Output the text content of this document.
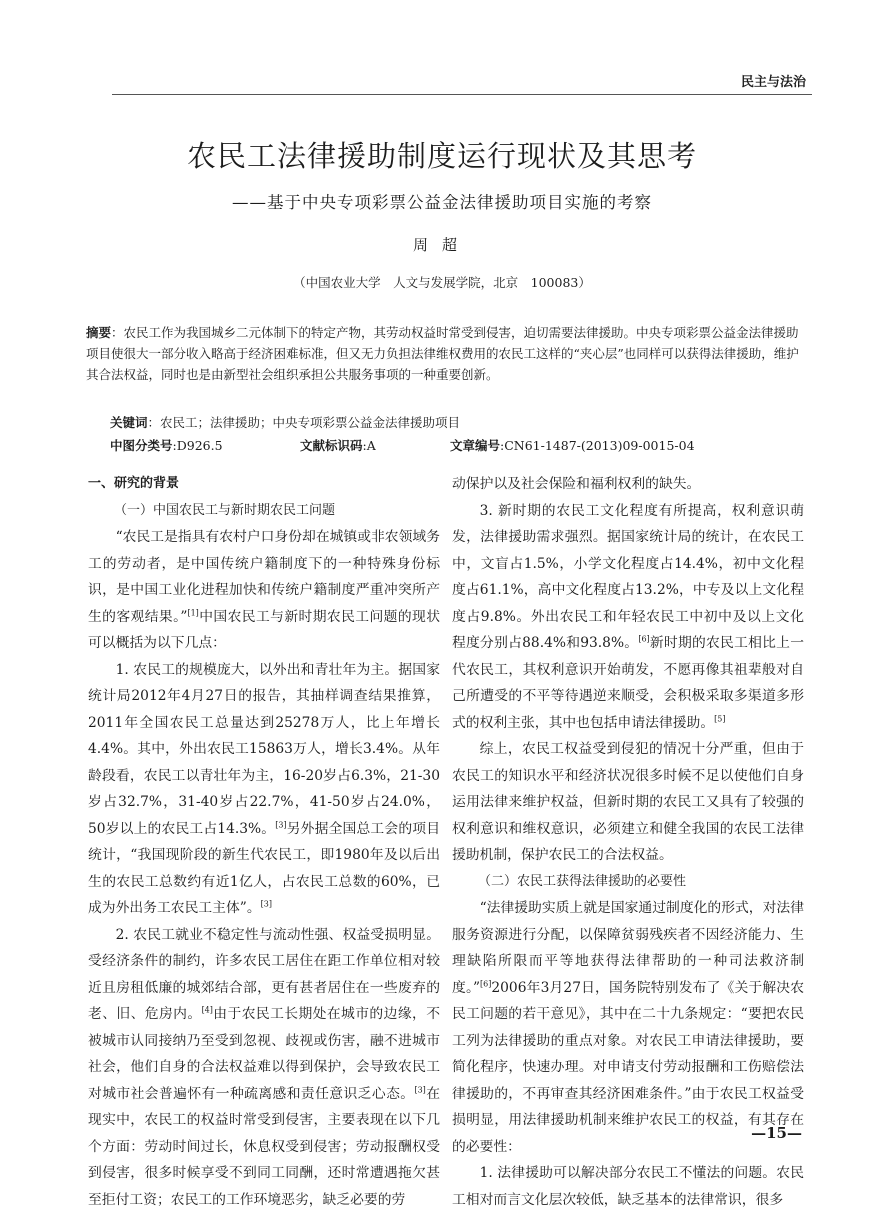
民主与法治
农民工法律援助制度运行现状及其思考
——基于中央专项彩票公益金法律援助项目实施的考察
周超
（中国农业大学　人文与发展学院，北京　100083）
摘要：农民工作为我国城乡二元体制下的特定产物，其劳动权益时常受到侵害，迫切需要法律援助。中央专项彩票公益金法律援助项目使很大一部分收入略高于经济困难标准，但又无力负担法律维权费用的农民工这样的“夹心层”也同样可以获得法律援助，维护其合法权益，同时也是由新型社会组织承担公共服务事项的一种重要创新。
关键词：农民工；法律援助；中央专项彩票公益金法律援助项目
中图分类号:D926.5	文献标识码:A	文章编号:CN61-1487-(2013)09-0015-04

一、研究的背景

（一）中国农民工与新时期农民工问题

“农民工是指具有农村户口身份却在城镇或非农领域务工的劳动者，是中国传统户籍制度下的一种特殊身份标识，是中国工业化进程加快和传统户籍制度严重冲突所产生的客观结果。”[1]中国农民工与新时期农民工问题的现状可以概括为以下几点：

1. 农民工的规模庞大，以外出和青壮年为主。据国家统计局2012年4月27日的报告，其抽样调查结果推算，2011年全国农民工总量达到25278万人，比上年增长4.4%。其中，外出农民工15863万人，增长3.4%。从年龄段看，农民工以青壮年为主，16-20岁占6.3%，21-30岁占32.7%，31-40岁占22.7%，41-50岁占24.0%，50岁以上的农民工占14.3%。[3]另外据全国总工会的项目统计，“我国现阶段的新生代农民工，即1980年及以后出生的农民工总数约有近1亿人，占农民工总数的60%，已成为外出务工农民工主体”。[3]

2. 农民工就业不稳定性与流动性强、权益受损明显。受经济条件的制约，许多农民工居住在距工作单位相对较近且房租低廉的城郊结合部，更有甚者居住在一些废弃的老、旧、危房内。[4]由于农民工长期处在城市的边缘，不被城市认同接纳乃至受到忽视、歧视或伤害，融不进城市社会，他们自身的合法权益难以得到保护，会导致农民工对城市社会普遍怀有一种疏离感和责任意识乏心态。[3]在现实中，农民工的权益时常受到侵害，主要表现在以下几个方面：劳动时间过长，休息权受到侵害；劳动报酬权受到侵害，很多时候享受不到同工同酬，还时常遭遇拖欠甚至拒付工资；农民工的工作环境恶劣，缺乏必要的劳

动保护以及社会保险和福利权利的缺失。

3. 新时期的农民工文化程度有所提高，权利意识萌发，法律援助需求强烈。据国家统计局的统计，在农民工中，文盲占1.5%，小学文化程度占14.4%，初中文化程度占61.1%，高中文化程度占13.2%，中专及以上文化程度占9.8%。外出农民工和年轻农民工中初中及以上文化程度分别占88.4%和93.8%。[6]新时期的农民工相比上一代农民工，其权利意识开始萌发，不愿再像其祖辈般对自己所遭受的不平等待遇逆来顺受，会积极采取多渠道多形式的权利主张，其中也包括申请法律援助。[5]

综上，农民工权益受到侵犯的情况十分严重，但由于农民工的知识水平和经济状况很多时候不足以使他们自身运用法律来维护权益，但新时期的农民工又具有了较强的权利意识和维权意识，必须建立和健全我国的农民工法律援助机制，保护农民工的合法权益。

（二）农民工获得法律援助的必要性

“法律援助实质上就是国家通过制度化的形式，对法律服务资源进行分配，以保障贫弱残疾者不因经济能力、生理缺陷所限而平等地获得法律帮助的一种司法救济制度。”[6]2006年3月27日，国务院特别发布了《关于解决农民工问题的若干意见》，其中在二十九条规定：“要把农民工列为法律援助的重点对象。对农民工申请法律援助，要简化程序，快速办理。对申请支付劳动报酬和工伤赔偿法律援助的，不再审查其经济困难条件。”由于农民工权益受损明显，用法律援助机制来维护农民工的权益，有其存在的必要性：

1. 法律援助可以解决部分农民工不懂法的问题。农民工相对而言文化层次较低，缺乏基本的法律常识，很多

—15—
